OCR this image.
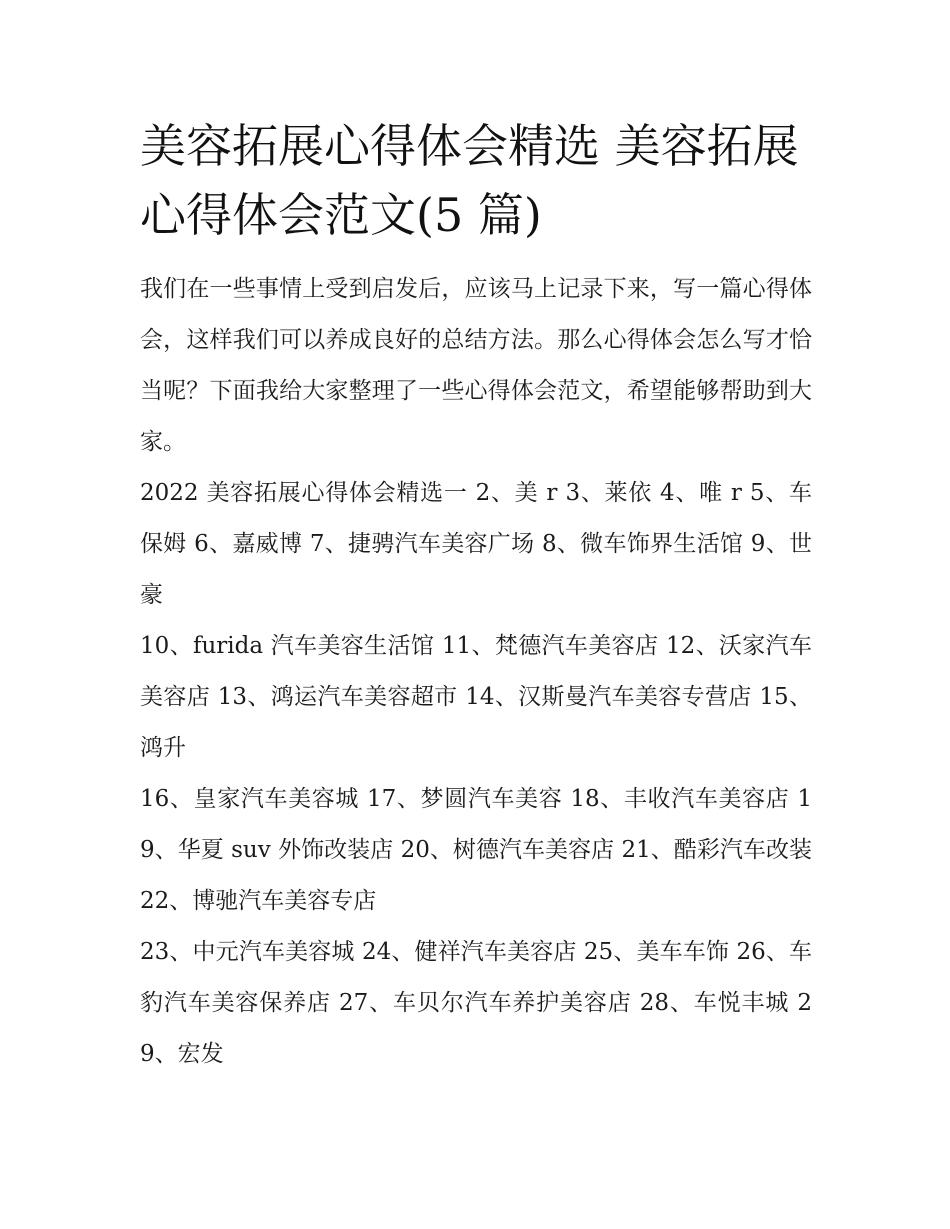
美容拓展心得体会精选 美容拓展心得体会范文(5 篇)

我们在一些事情上受到启发后，应该马上记录下来，写一篇心得体会，这样我们可以养成良好的总结方法。那么心得体会怎么写才恰当呢？下面我给大家整理了一些心得体会范文，希望能够帮助到大家。

2022 美容拓展心得体会精选一 2、美 r 3、莱依 4、唯 r 5、车保姆 6、嘉威博 7、捷骋汽车美容广场 8、微车饰界生活馆 9、世豪

10、furida 汽车美容生活馆 11、梵德汽车美容店 12、沃家汽车美容店 13、鸿运汽车美容超市 14、汉斯曼汽车美容专营店 15、鸿升

16、皇家汽车美容城 17、梦圆汽车美容 18、丰收汽车美容店 19、华夏 suv 外饰改装店 20、树德汽车美容店 21、酷彩汽车改装 22、博驰汽车美容专店

23、中元汽车美容城 24、健祥汽车美容店 25、美车车饰 26、车豹汽车美容保养店 27、车贝尔汽车养护美容店 28、车悦丰城 29、宏发
